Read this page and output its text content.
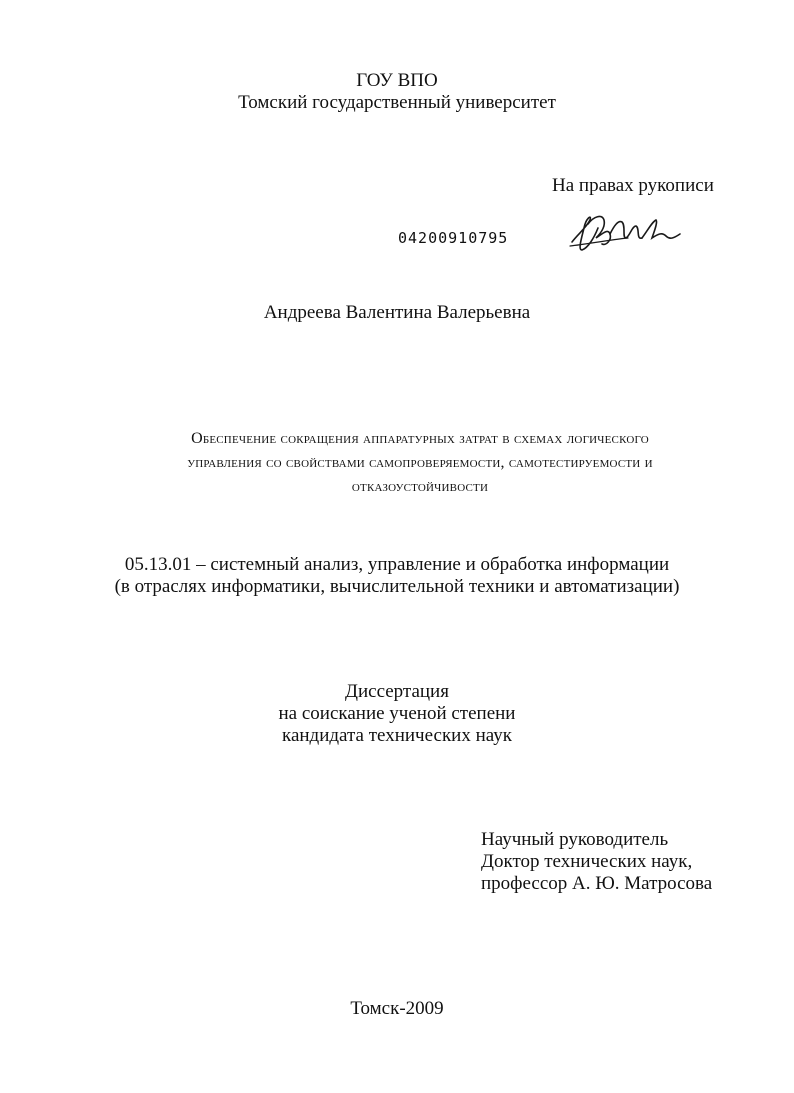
ГОУ ВПО
Томский государственный университет
На правах рукописи
04200910795
Андреева Валентина Валерьевна
Обеспечение сокращения аппаратурных затрат в схемах логического
управления со свойствами самопроверяемости, самотестируемости и
отказоустойчивости
05.13.01 – системный анализ, управление и обработка информации
(в отраслях информатики, вычислительной техники и автоматизации)
Диссертация
на соискание ученой степени
кандидата технических наук
Научный руководитель
Доктор технических наук,
профессор А. Ю. Матросова
Томск-2009
